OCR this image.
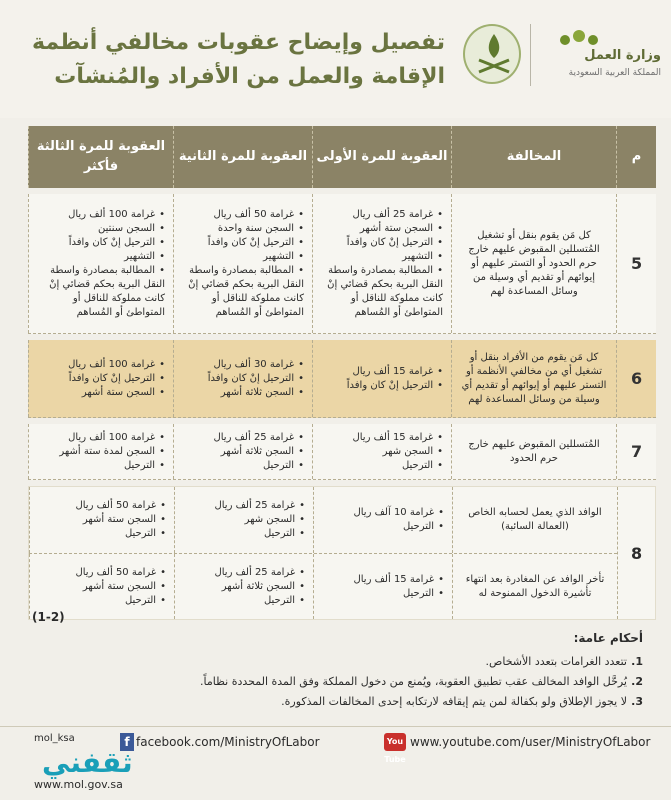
تفصيل وإيضاح عقوبات مخالفي أنظمة
الإقامة والعمل من الأفراد والمُنشآت
وزارة العمل
المملكة العربية السعودية
م
المخالفة
العقوبة للمرة الأولى
العقوبة للمرة الثانية
العقوبة للمرة الثالثة فأكثر
5
كل مَن يقوم بنقل أو تشغيل المُتسللين المقبوض عليهم خارج حرم الحدود أو التستر عليهم أو إيوائهم أو تقديم أي وسيلة من وسائل المساعدة لهم
• غرامة 25 ألف ريال
• السجن ستة أشهر
• الترحيل إنْ كان وافداً
• التشهير
• المطالبة بمصادرة واسطة النقل البرية بحكم قضائي إنْ كانت مملوكة للناقل أو المتواطئ أو المُساهم
• غرامة 50 ألف ريال
• السجن سنة واحدة
• الترحيل إنْ كان وافداً
• التشهير
• المطالبة بمصادرة واسطة النقل البرية بحكم قضائي إنْ كانت مملوكة للناقل أو المتواطئ أو المُساهم
• غرامة 100 ألف ريال
• السجن سنتين
• الترحيل إنْ كان وافداً
• التشهير
• المطالبة بمصادرة واسطة النقل البرية بحكم قضائي إنْ كانت مملوكة للناقل أو المتواطئ أو المُساهم
6
كل مَن يقوم من الأفراد بنقل أو تشغيل أي من مخالفي الأنظمة أو التستر عليهم أو إيوائهم أو تقديم أي وسيلة من وسائل المساعدة لهم
• غرامة 15 ألف ريال
• الترحيل إنْ كان وافداً
• غرامة 30 ألف ريال
• الترحيل إنْ كان وافداً
• السجن ثلاثة أشهر
• غرامة 100 ألف ريال
• الترحيل إنْ كان وافداً
• السجن ستة أشهر
7
المُتسللين المقبوض عليهم خارج حرم الحدود
• غرامة 15 ألف ريال
• السجن شهر
• الترحيل
• غرامة 25 ألف ريال
• السجن ثلاثة أشهر
• الترحيل
• غرامة 100 ألف ريال
• السجن لمدة ستة أشهر
• الترحيل
8
الوافد الذي يعمل لحسابه الخاص (العمالة السائبة)
• غرامة 10 آلف ريال
• الترحيل
• غرامة 25 ألف ريال
• السجن شهر
• الترحيل
• غرامة 50 ألف ريال
• السجن ستة أشهر
• الترحيل
تأخر الوافد عن المغادرة بعد انتهاء تأشيرة الدخول الممنوحة له
• غرامة 15 ألف ريال
• الترحيل
• غرامة 25 ألف ريال
• السجن ثلاثة أشهر
• الترحيل
• غرامة 50 ألف ريال
• السجن ستة أشهر
• الترحيل
(1-2)
أحكام عامة:
1.
تتعدد الغرامات بتعدد الأشخاص.
2.
يُرحَّل الوافد المخالف عقب تطبيق العقوبة، ويُمنع من دخول المملكة وفق المدة المحددة نظاماً.
3.
لا يجوز الإطلاق ولو بكفالة لمن يتم إيقافه لارتكابه إحدى المخالفات المذكورة.
mol_ksa	f facebook.com/MinistryOfLabor	You Tube
www.youtube.com/user/MinistryOfLabor
ثقفني
www.mol.gov.sa
